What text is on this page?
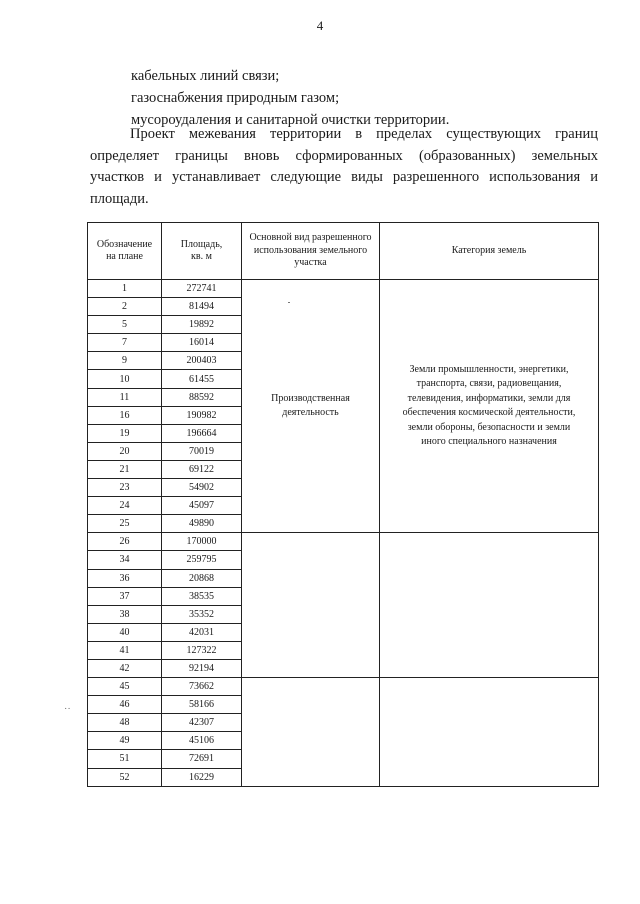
4
кабельных линий связи;
газоснабжения природным газом;
мусороудаления и санитарной очистки территории.
Проект межевания территории в пределах существующих границ
определяет границы вновь сформированных (образованных) земельных
участков и устанавливает следующие виды разрешенного использования и
площади.
Обозначение на плане	Площадь, кв. м	Основной вид разрешенного использования земельного участка	Категория земель
1	272741	Производственная деятельность	Земли промышленности, энергетики, транспорта, связи, радиовещания, телевидения, информатики, земли для обеспечения космической деятельности, земли обороны, безопасности и земли иного специального назначения
2	81494		
5	19892		
7	16014		
9	200403		
10	61455		
11	88592		
16	190982		
19	196664		
20	70019		
21	69122		
23	54902		
24	45097		
25	49890		
26	170000		
34	259795		
36	20868		
37	38535		
38	35352		
40	42031		
41	127322		
42	92194		
45	73662		
46	58166		
48	42307		
49	45106		
51	72691		
52	16229		
˙˙
